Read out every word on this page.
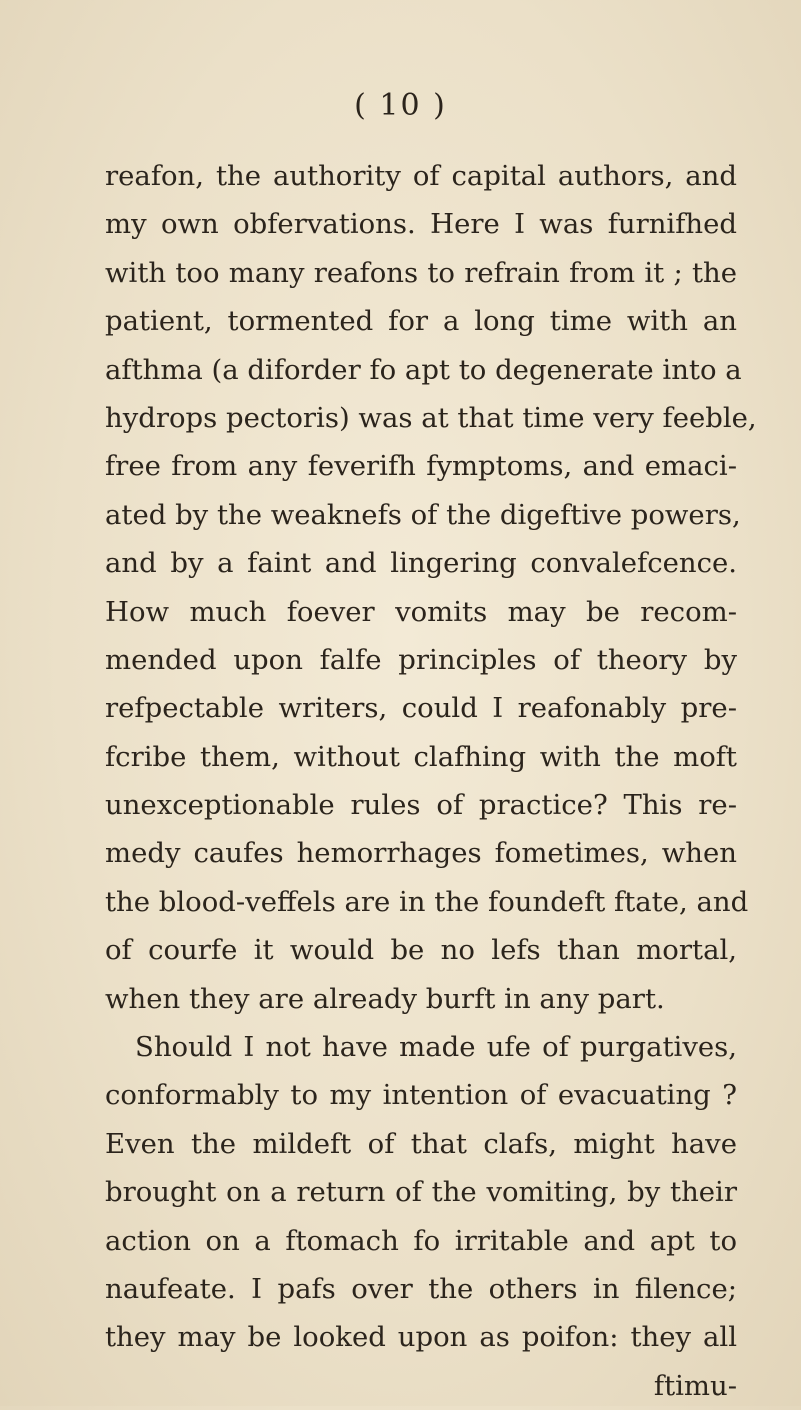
( 10 )
reafon, the authority of capital authors, and
my own obfervations. Here I was furnifhed
with too many reafons to refrain from it ; the
patient, tormented for a long time with an
afthma (a diforder fo apt to degenerate into a
hydrops pectoris) was at that time very feeble,
free from any feverifh fymptoms, and emaci-
ated by the weaknefs of the digeftive powers,
and by a faint and lingering convalefcence.
How much foever vomits may be recom-
mended upon falfe principles of theory by
refpectable writers, could I reafonably pre-
fcribe them, without clafhing with the moft
unexceptionable rules of practice? This re-
medy caufes hemorrhages fometimes, when
the blood-veffels are in the foundeft ftate, and
of courfe it would be no lefs than mortal,
when they are already burft in any part.
Should I not have made ufe of purgatives,
conformably to my intention of evacuating ?
Even the mildeft of that clafs, might have
brought on a return of the vomiting, by their
action on a ftomach fo irritable and apt to
naufeate. I pafs over the others in filence;
they may be looked upon as poifon: they all
ftimu-
